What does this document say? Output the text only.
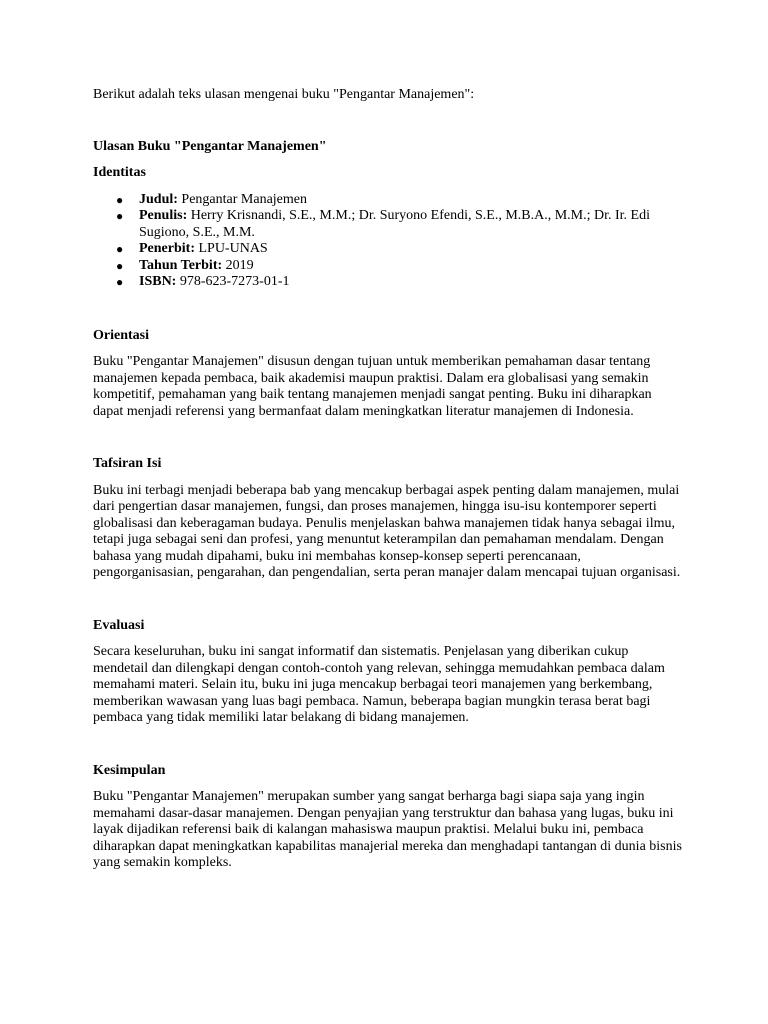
Berikut adalah teks ulasan mengenai buku "Pengantar Manajemen":

Ulasan Buku "Pengantar Manajemen"

Identitas

● Judul: Pengantar Manajemen
● Penulis: Herry Krisnandi, S.E., M.M.; Dr. Suryono Efendi, S.E., M.B.A., M.M.; Dr. Ir. Edi Sugiono, S.E., M.M.
● Penerbit: LPU-UNAS
● Tahun Terbit: 2019
● ISBN: 978-623-7273-01-1

Orientasi

Buku "Pengantar Manajemen" disusun dengan tujuan untuk memberikan pemahaman dasar tentang manajemen kepada pembaca, baik akademisi maupun praktisi. Dalam era globalisasi yang semakin kompetitif, pemahaman yang baik tentang manajemen menjadi sangat penting. Buku ini diharapkan dapat menjadi referensi yang bermanfaat dalam meningkatkan literatur manajemen di Indonesia.

Tafsiran Isi

Buku ini terbagi menjadi beberapa bab yang mencakup berbagai aspek penting dalam manajemen, mulai dari pengertian dasar manajemen, fungsi, dan proses manajemen, hingga isu-isu kontemporer seperti globalisasi dan keberagaman budaya. Penulis menjelaskan bahwa manajemen tidak hanya sebagai ilmu, tetapi juga sebagai seni dan profesi, yang menuntut keterampilan dan pemahaman mendalam. Dengan bahasa yang mudah dipahami, buku ini membahas konsep-konsep seperti perencanaan, pengorganisasian, pengarahan, dan pengendalian, serta peran manajer dalam mencapai tujuan organisasi.

Evaluasi

Secara keseluruhan, buku ini sangat informatif dan sistematis. Penjelasan yang diberikan cukup mendetail dan dilengkapi dengan contoh-contoh yang relevan, sehingga memudahkan pembaca dalam memahami materi. Selain itu, buku ini juga mencakup berbagai teori manajemen yang berkembang, memberikan wawasan yang luas bagi pembaca. Namun, beberapa bagian mungkin terasa berat bagi pembaca yang tidak memiliki latar belakang di bidang manajemen.

Kesimpulan

Buku "Pengantar Manajemen" merupakan sumber yang sangat berharga bagi siapa saja yang ingin memahami dasar-dasar manajemen. Dengan penyajian yang terstruktur dan bahasa yang lugas, buku ini layak dijadikan referensi baik di kalangan mahasiswa maupun praktisi. Melalui buku ini, pembaca diharapkan dapat meningkatkan kapabilitas manajerial mereka dan menghadapi tantangan di dunia bisnis yang semakin kompleks.
